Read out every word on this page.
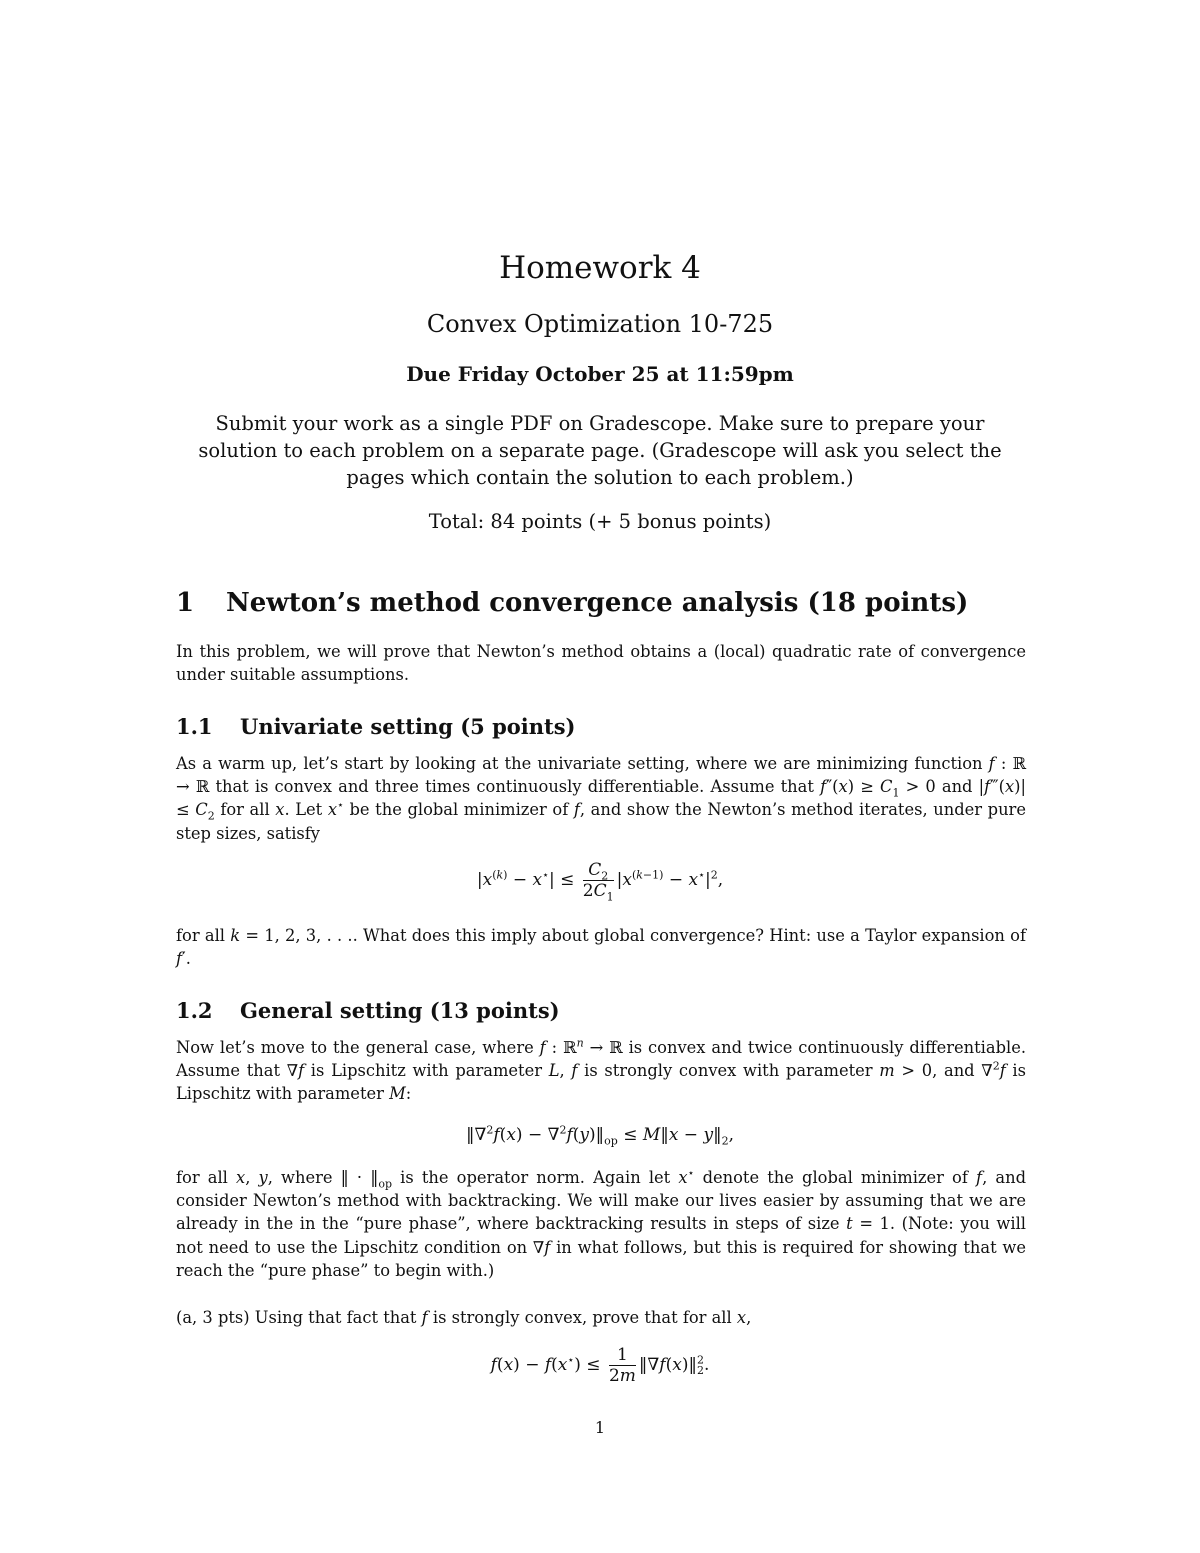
Homework 4
Convex Optimization 10-725
Due Friday October 25 at 11:59pm
Submit your work as a single PDF on Gradescope. Make sure to prepare your solution to each problem on a separate page. (Gradescope will ask you select the pages which contain the solution to each problem.)
Total: 84 points (+ 5 bonus points)
1 Newton’s method convergence analysis (18 points)

In this problem, we will prove that Newton’s method obtains a (local) quadratic rate of convergence under suitable assumptions.

1.1 Univariate setting (5 points)

As a warm up, let’s start by looking at the univariate setting, where we are minimizing function f : ℝ → ℝ that is convex and three times continuously differentiable. Assume that $f''(x) \ge C_1 > 0$ and |f‴(x)| ≤ $C_2$ for all x. Let x⋆ be the global minimizer of f, and show the Newton’s method iterates, under pure step sizes, satisfy

$|x^{(k)} - x^⋆| \le \frac{C_2}{2C_1} |x^{(k-1)} - x^⋆|^2$,

for all k = 1, 2, 3, . . .. What does this imply about global convergence? Hint: use a Taylor expansion of f′.

1.2 General setting (13 points)

Now let’s move to the general case, where f : ℝ$^n$ → ℝ is convex and twice continuously differentiable. Assume that ∇f is Lipschitz with parameter L, f is strongly convex with parameter m > 0, and ∇$^2$f is Lipschitz with parameter M:

‖∇$^2$f(x) − $\nabla^2f(y)‖_{op}$ ≤ M‖x − $y‖_2$,

for all x, y, where ‖ · $‖_{op}$ is the operator norm. Again let x⋆ denote the global minimizer of f, and consider Newton’s method with backtracking. We will make our lives easier by assuming that we are already in the in the “pure phase”, where backtracking results in steps of size t = 1. (Note: you will not need to use the Lipschitz condition on ∇f in what follows, but this is required for showing that we reach the “pure phase” to begin with.)

(a, 3 pts) Using that fact that f is strongly convex, prove that for all x,

$f(x) - f(x^⋆) \le \frac{1}{2m}$ ‖∇f(x)‖$^2_2$.
1
